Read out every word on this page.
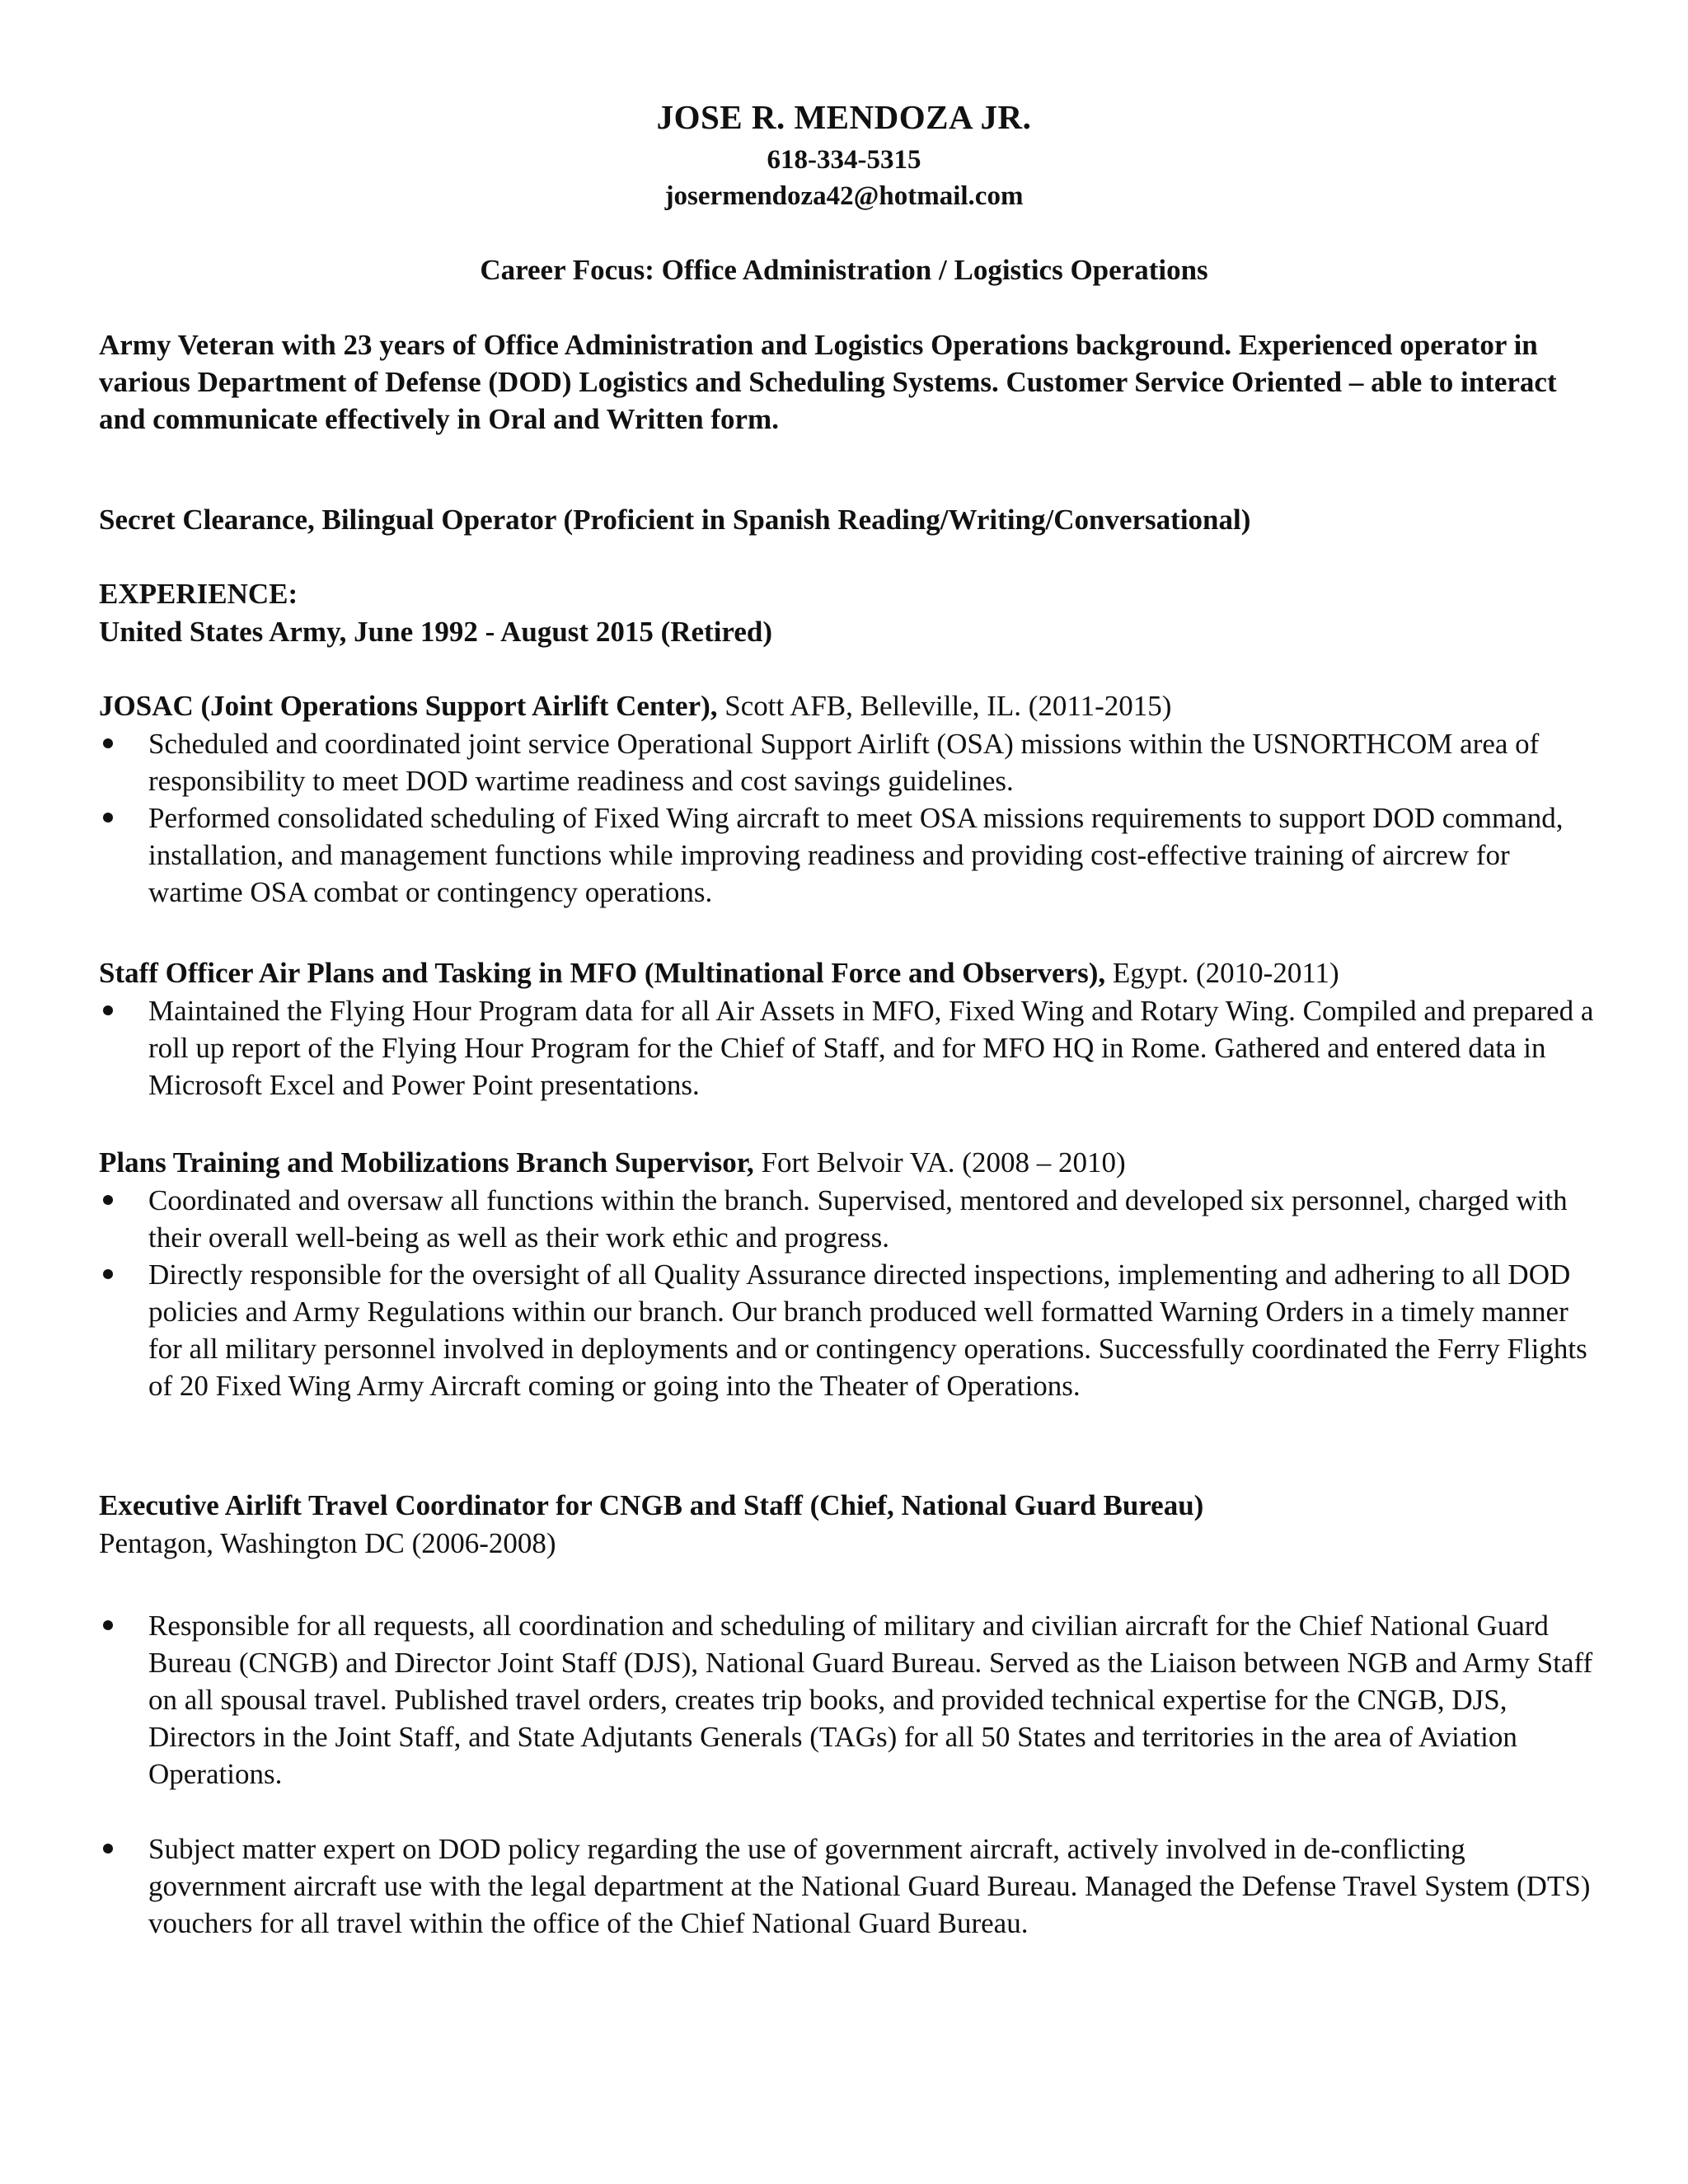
JOSE R. MENDOZA JR.
618-334-5315
josermendoza42@hotmail.com
Career Focus: Office Administration / Logistics Operations
Army Veteran with 23 years of Office Administration and Logistics Operations background. Experienced operator in various Department of Defense (DOD) Logistics and Scheduling Systems. Customer Service Oriented – able to interact and communicate effectively in Oral and Written form.
Secret Clearance, Bilingual Operator (Proficient in Spanish Reading/Writing/Conversational)
EXPERIENCE:
United States Army, June 1992 - August 2015 (Retired)
JOSAC (Joint Operations Support Airlift Center), Scott AFB, Belleville, IL. (2011-2015)
Scheduled and coordinated joint service Operational Support Airlift (OSA) missions within the USNORTHCOM area of responsibility to meet DOD wartime readiness and cost savings guidelines.
Performed consolidated scheduling of Fixed Wing aircraft to meet OSA missions requirements to support DOD command, installation, and management functions while improving readiness and providing cost-effective training of aircrew for wartime OSA combat or contingency operations.
Staff Officer Air Plans and Tasking in MFO (Multinational Force and Observers), Egypt. (2010-2011)
Maintained the Flying Hour Program data for all Air Assets in MFO, Fixed Wing and Rotary Wing. Compiled and prepared a roll up report of the Flying Hour Program for the Chief of Staff, and for MFO HQ in Rome. Gathered and entered data in Microsoft Excel and Power Point presentations.
Plans Training and Mobilizations Branch Supervisor, Fort Belvoir VA. (2008 – 2010)
Coordinated and oversaw all functions within the branch. Supervised, mentored and developed six personnel, charged with their overall well-being as well as their work ethic and progress.
Directly responsible for the oversight of all Quality Assurance directed inspections, implementing and adhering to all DOD policies and Army Regulations within our branch. Our branch produced well formatted Warning Orders in a timely manner for all military personnel involved in deployments and or contingency operations. Successfully coordinated the Ferry Flights of 20 Fixed Wing Army Aircraft coming or going into the Theater of Operations.
Executive Airlift Travel Coordinator for CNGB and Staff (Chief, National Guard Bureau)
Pentagon, Washington DC (2006-2008)
Responsible for all requests, all coordination and scheduling of military and civilian aircraft for the Chief National Guard Bureau (CNGB) and Director Joint Staff (DJS), National Guard Bureau. Served as the Liaison between NGB and Army Staff on all spousal travel. Published travel orders, creates trip books, and provided technical expertise for the CNGB, DJS, Directors in the Joint Staff, and State Adjutants Generals (TAGs) for all 50 States and territories in the area of Aviation Operations.
Subject matter expert on DOD policy regarding the use of government aircraft, actively involved in de-conflicting government aircraft use with the legal department at the National Guard Bureau. Managed the Defense Travel System (DTS) vouchers for all travel within the office of the Chief National Guard Bureau.
